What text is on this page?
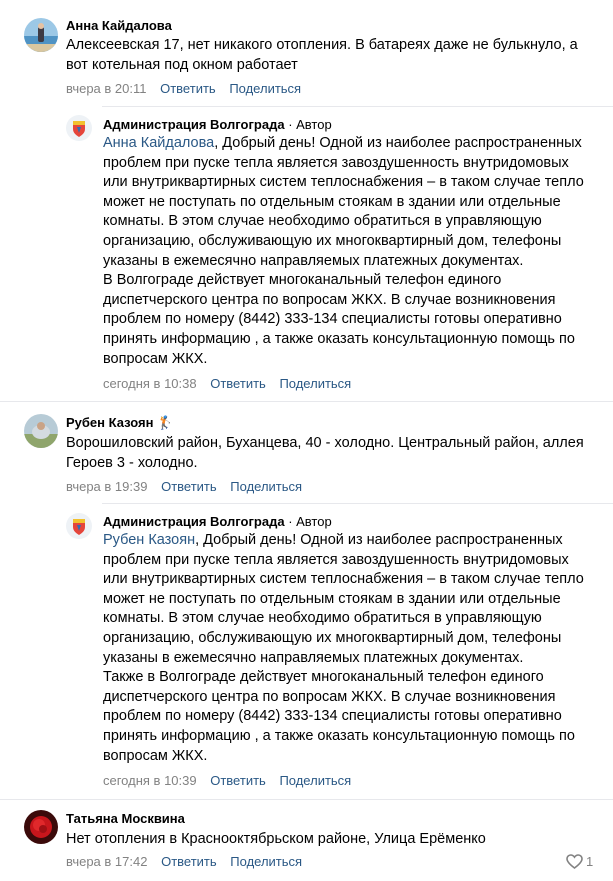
Анна Кайдалова
Алексеевская 17, нет никакого отопления. В батареях даже не булькнуло, а
вот котельная под окном работает
вчера в 20:11 Ответить Поделиться
Администрация Волгограда · Автор
Анна Кайдалова, Добрый день! Одной из наиболее распространенных
проблем при пуске тепла является завоздушенность внутридомовых
или внутриквартирных систем теплоснабжения – в таком случае тепло
может не поступать по отдельным стоякам в здании или отдельные
комнаты. В этом случае необходимо обратиться в управляющую
организацию, обслуживающую их многоквартирный дом, телефоны
указаны в ежемесячно направляемых платежных документах.
В Волгограде действует многоканальный телефон единого
диспетчерского центра по вопросам ЖКХ. В случае возникновения
проблем по номеру (8442) 333-134 специалисты готовы оперативно
принять информацию , а также оказать консультационную помощь по
вопросам ЖКХ.
сегодня в 10:38 Ответить Поделиться
Рубен Казоян 🏌
Ворошиловский район, Буханцева, 40 - холодно. Центральный район, аллея
Героев 3 - холодно.
вчера в 19:39 Ответить Поделиться
Администрация Волгограда · Автор
Рубен Казоян, Добрый день! Одной из наиболее распространенных
проблем при пуске тепла является завоздушенность внутридомовых
или внутриквартирных систем теплоснабжения – в таком случае тепло
может не поступать по отдельным стоякам в здании или отдельные
комнаты. В этом случае необходимо обратиться в управляющую
организацию, обслуживающую их многоквартирный дом, телефоны
указаны в ежемесячно направляемых платежных документах.
Также в Волгограде действует многоканальный телефон единого
диспетчерского центра по вопросам ЖКХ. В случае возникновения
проблем по номеру (8442) 333-134 специалисты готовы оперативно
принять информацию , а также оказать консультационную помощь по
вопросам ЖКХ.
сегодня в 10:39 Ответить Поделиться
Татьяна Москвина
Нет отопления в Краснооктябрьском районе, Улица Ерёменко
вчера в 17:42 Ответить Поделиться	1
